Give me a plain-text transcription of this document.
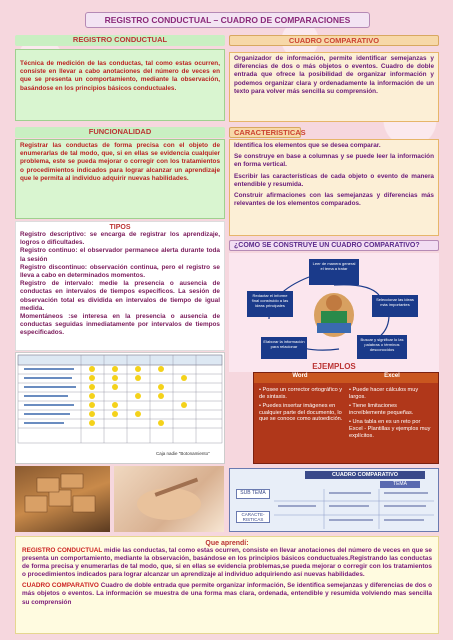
REGISTRO CONDUCTUAL – CUADRO DE COMPARACIONES
REGISTRO CONDUCTUAL
Técnica de medición de las conductas, tal como estas ocurren, consiste en llevar a cabo anotaciones del número de veces en que se presenta un comportamiento, mediante la observación, basándose en los principios básicos conductuales.
FUNCIONALIDAD
Registrar las conductas de forma precisa con el objeto de enumerarlas de tal modo, que, si en ellas se evidencia cualquier problema, este se pueda mejorar o corregir con los tratamientos o procedimientos indicados para lograr alcanzar un aprendizaje que le permita al individuo adquirir nuevas habilidades.
TIPOS

Registro descriptivo: se encarga de registrar los aprendizaje, logros o dificultades.

Registro continuo: el observador permanece alerta durante toda la sesión

Registro discontinuo: observación continua, pero el registro se lleva a cabo en determinados momentos.

Registro de intervalo: medie la presencia o ausencia de conductas en intervalos de tiempos específicos. La sesión de observación total es dividida en intervalos de tiempo de igual medida.

Momentáneos :se interesa en la presencia o ausencia de conductas seguidas inmediatamente por intervalos de tiempos especificados.

Caja nadie "Botonamiento"
CUADRO COMPARATIVO
Organizador de información, permite identificar semejanzas y diferencias de dos o más objetos o eventos. Cuadro de doble entrada que ofrece la posibilidad de organizar información y podemos organizar clara y ordenadamente la información de un texto para volver más sencilla su comprensión.
CARACTERISTICAS

Identifica los elementos que se desea comparar.

Se construye en base a columnas y se puede leer la información en forma vertical.

Escribir las características de cada objeto o evento de manera entendible y resumida.

Construir afirmaciones con las semejanzas y diferencias más relevantes de los elementos comparados.

¿COMO SE CONSTRUYE UN CUADRO COMPARATIVO?
Leer de manera general el tema a tratar
Seleccionar las ideas más importantes
Buscar y significar lo las palabras o términos desconocidos
Elaborar la información para relacionar
Redactar el informe final construido a las ideas principales
EJEMPLOS
Word	Excel
• Posee un corrector ortográfico y de sintaxis.
• Puedes insertar imágenes en cualquier parte del documento, lo que se conoce como autoedición.
• Puede hacer cálculos muy largos.
• Tiene limitaciones increíblemente pequeñas.
• Una tabla en es un reto por Excel - Plantillas y ejemplos muy explícitos.
CUADRO COMPARATIVO
TEMA
SUB TEMA
CARACTE- RISTICAS
Que aprendí:

REGISTRO CONDUCTUAL midie las conductas, tal como estas ocurren, consiste en llevar anotaciones del número de veces en que se presenta un comportamiento, mediante la observación, basándose en los principios básicos conductuales.Registrando las conductas de forma precisa y enumerarlas de tal modo, que, si en ellas se evidencia problemas,se pueda mejorar o corregir con los tratamientos o procedimientos indicados para lograr alcanzar un aprendizaje al individuo adquiriendo así nuevas habilidades.

CUADRO COMPARATIVO Cuadro de doble entrada que permite organizar información, Se identifica semejanzas y diferencias de dos o más objetos o eventos. La información se muestra de una forma mas clara, ordenada, entendible y resumida volviendo mas sencilla su comprensión
